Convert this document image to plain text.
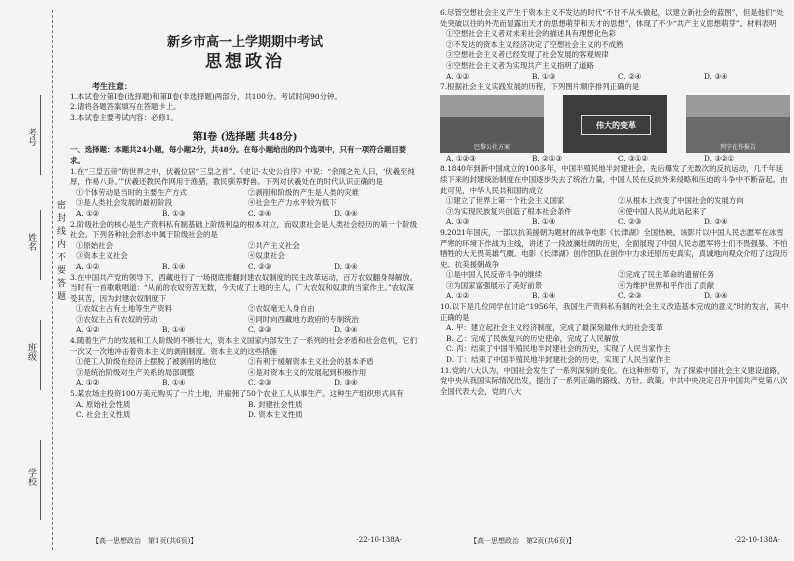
考号
姓名
班级
学校
密 封 线 内 不 要 答 题
新乡市高一上学期期中考试
思想政治
考生注意：

1.本试卷分第Ⅰ卷(选择题)和第Ⅱ卷(非选择题)两部分，共100分。考试时间90分钟。

2.请将各题答案填写在答题卡上。

3.本试卷主要考试内容：必修1。

第Ⅰ卷 (选择题 共48分)

一、选择题：本题共24小题，每小题2分，共48分。在每小题给出的四个选项中，只有一项符合题目要求。

1.在“三皇五帝”的世界之中，伏羲位居“三皇之首”。《史记·太史公自序》中说：“余闻之先人曰，‘伏羲至纯厚，作易八卦。’”伏羲还教民作网用于渔猎，教民驯养野兽。下列对伏羲处在的时代认识正确的是

①个体劳动是当时的主要生产方式	②剥削和阶级的产生是人类的灾难
③是人类社会发展的最初阶段	④社会生产力水平较为低下
A. ①②	B. ①③	C. ②④	D. ③④

2.阶级社会的核心是生产资料私有制基础上阶级利益的根本对立，而奴隶社会是人类社会经历的第一个阶级社会。下列各种社会形态中属于阶级社会的是

①原始社会	②共产主义社会
③资本主义社会	④奴隶社会
A. ①②	B. ①④	C. ②③	D. ③④

3.在中国共产党的领导下，西藏进行了一场彻底推翻封建农奴制度的民主改革运动，百万农奴翻身得解放。当时有一首歌歌唱道：“从前的农奴穷苦无数，今天成了土地的主人，广大农奴和奴隶的当家作主。”农奴深受其苦，因为封建农奴制度下

①农奴主占有土地等生产资料	②农奴毫无人身自由
③农奴主占有农奴的劳动	④同时向西藏地方政府的专制统治
A. ①②	B. ①④	C. ②③	D. ③④

4.随着生产力的发展和工人阶级的不断壮大，资本主义国家内部发生了一系列的社会矛盾和社会危机，它们一次又一次地冲击着资本主义的剥削制度。资本主义的这些措施

①使工人阶级在经济上摆脱了被剥削的地位	②有利于缓解资本主义社会的基本矛盾
③是统治阶级对生产关系的局部调整	④是对资本主义的发展起到积极作用
A. ①②	B. ①④	C. ②③	D. ③④

5.某农场主投资100万美元购买了一片土地，并雇佣了50个农业工人从事生产。这种生产组织形式具有

A. 原始社会性质	B. 封建社会性质
C. 社会主义性质	D. 资本主义性质
【高一思想政治　第1页(共6页)】	·22-10-138A·

6.尽管空想社会主义产生于资本主义不发达的时代“不甘不从头做起，以建立新社会的蓝图”，但是他们“处处突破以往的外壳而显露出天才的思想萌芽和天才的思想”，体现了不少“共产主义思想萌芽”。材料表明

①空想社会主义者对未来社会的描述具有理想化色彩

②不发达的资本主义经济决定了空想社会主义的不成熟

③空想社会主义者已经发现了社会发展的客观规律

④空想社会主义者为实现共产主义指明了道路

A. ①②	B. ①③	C. ②④	D. ③④

7.根据社会主义实践发展的历程，下列图片顺序排列正确的是

巴黎公社方案
伟大的变革
列宁在作报告
A. ①②③	B. ②①③	C. ③①②	D. ③②①

8.1840年到新中国成立的100多年，中国半殖民地半封建社会，先后爆发了无数次的反抗运动，几千年延续下来的封建统治制度在中国逐步失去了统治力量，中国人民在反抗外来侵略和压迫的斗争中不断奋起。由此可见，中华人民共和国的成立

①建立了世界上第一个社会主义国家	②从根本上改变了中国社会的发展方向
③为实现民族复兴创造了根本社会条件	④使中国人民从此站起来了
A. ①③	B. ①④	C. ②③	D. ②④

9.2021年国庆，一部以抗美援朝为题材的战争电影《长津湖》全国热映。该影片以中国人民志愿军在冰雪严寒的环境下作战为主线，讲述了一段波澜壮阔的历史，全面展现了中国人民志愿军将士们不畏强暴、不怕牺牲的大无畏英雄气概。电影《长津湖》创作团队在创作中力求还原历史真实，真诚地向观众介绍了这段历史。抗美援朝战争

①是中国人民反帝斗争的继续	②完成了民主革命的遗留任务
③为国家富强展示了美好前景	④为维护世界和平作出了贡献
A. ①②	B. ①④	C. ②③	D. ③④

10.以下是几位同学在讨论“1956年，我国生产资料私有制的社会主义改造基本完成的意义”时的发言，其中正确的是

A. 甲：建立起社会主义经济制度，完成了最深刻最伟大的社会变革

B. 乙：完成了民族复兴的历史使命，完成了人民解放

C. 丙：结束了中国半殖民地半封建社会的历史，实现了人民当家作主

D. 丁：结束了中国半殖民地半封建社会的历史，实现了人民当家作主

11.党的八大认为，中国社会发生了一系列深刻的变化。在这种形势下，为了探索中国社会主义建设道路，党中央从我国实际情况出发，提出了一系列正确的路线、方针、政策。中共中央决定召开中国共产党第八次全国代表大会，党的八大

【高一思想政治　第2页(共6页)】	·22-10-138A·
